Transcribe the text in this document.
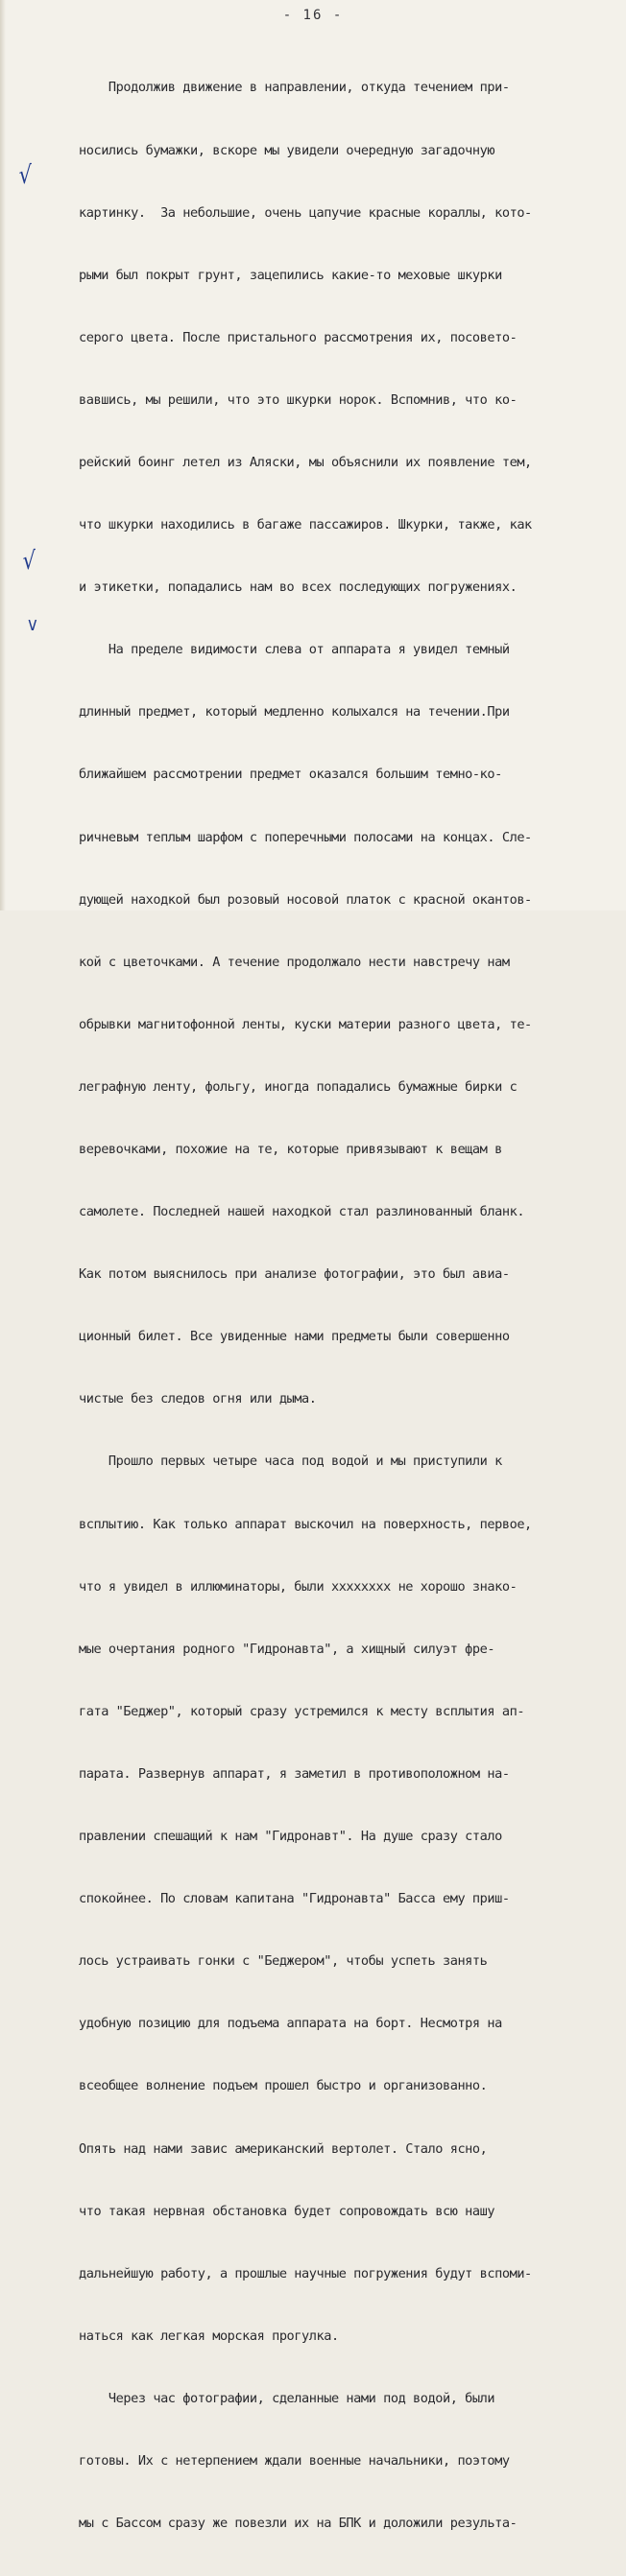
- 16 -
√
√
v

Продолжив движение в направлении, откуда течением при-

носились бумажки, вскоре мы увидели очередную загадочную

картинку.  За небольшие, очень цапучие красные кораллы, кото-

рыми был покрыт грунт, зацепились какие-то меховые шкурки

серого цвета. После пристального рассмотрения их, посовето-

вавшись, мы решили, что это шкурки норок. Вспомнив, что ко-

рейский боинг летел из Аляски, мы объяснили их появление тем,

что шкурки находились в багаже пассажиров. Шкурки, также, как

и этикетки, попадались нам во всех последующих погружениях.

На пределе видимости слева от аппарата я увидел темный

длинный предмет, который медленно колыхался на течении.При

ближайшем рассмотрении предмет оказался большим темно-ко-

ричневым теплым шарфом с поперечными полосами на концах. Сле-

дующей находкой был розовый носовой платок с красной окантов-

кой с цветочками. А течение продолжало нести навстречу нам

обрывки магнитофонной ленты, куски материи разного цвета, те-

леграфную ленту, фольгу, иногда попадались бумажные бирки с

веревочками, похожие на те, которые привязывают к вещам в

самолете. Последней нашей находкой стал разлинованный бланк.

Как потом выяснилось при анализе фотографии, это был авиа-

ционный билет. Все увиденные нами предметы были совершенно

чистые без следов огня или дыма.

Прошло первых четыре часа под водой и мы приступили к

всплытию. Как только аппарат выскочил на поверхность, первое,

что я увидел в иллюминаторы, были хххххххх не хорошо знако-

мые очертания родного "Гидронавта", а хищный силуэт фре-

гата "Беджер", который сразу устремился к месту всплытия ап-

парата. Развернув аппарат, я заметил в противоположном на-

правлении спешащий к нам "Гидронавт". На душе сразу стало

спокойнее. По словам капитана "Гидронавта" Басса ему приш-

лось устраивать гонки с "Беджером", чтобы успеть занять

удобную позицию для подъема аппарата на борт. Несмотря на

всеобщее волнение подъем прошел быстро и организованно.

Опять над нами завис американский вертолет. Стало ясно,

что такая нервная обстановка будет сопровождать всю нашу

дальнейшую работу, а прошлые научные погружения будут вспоми-

наться как легкая морская прогулка.

Через час фотографии, сделанные нами под водой, были

готовы. Их с нетерпением ждали военные начальники, поэтому

мы с Бассом сразу же повезли их на БПК и доложили результа-
